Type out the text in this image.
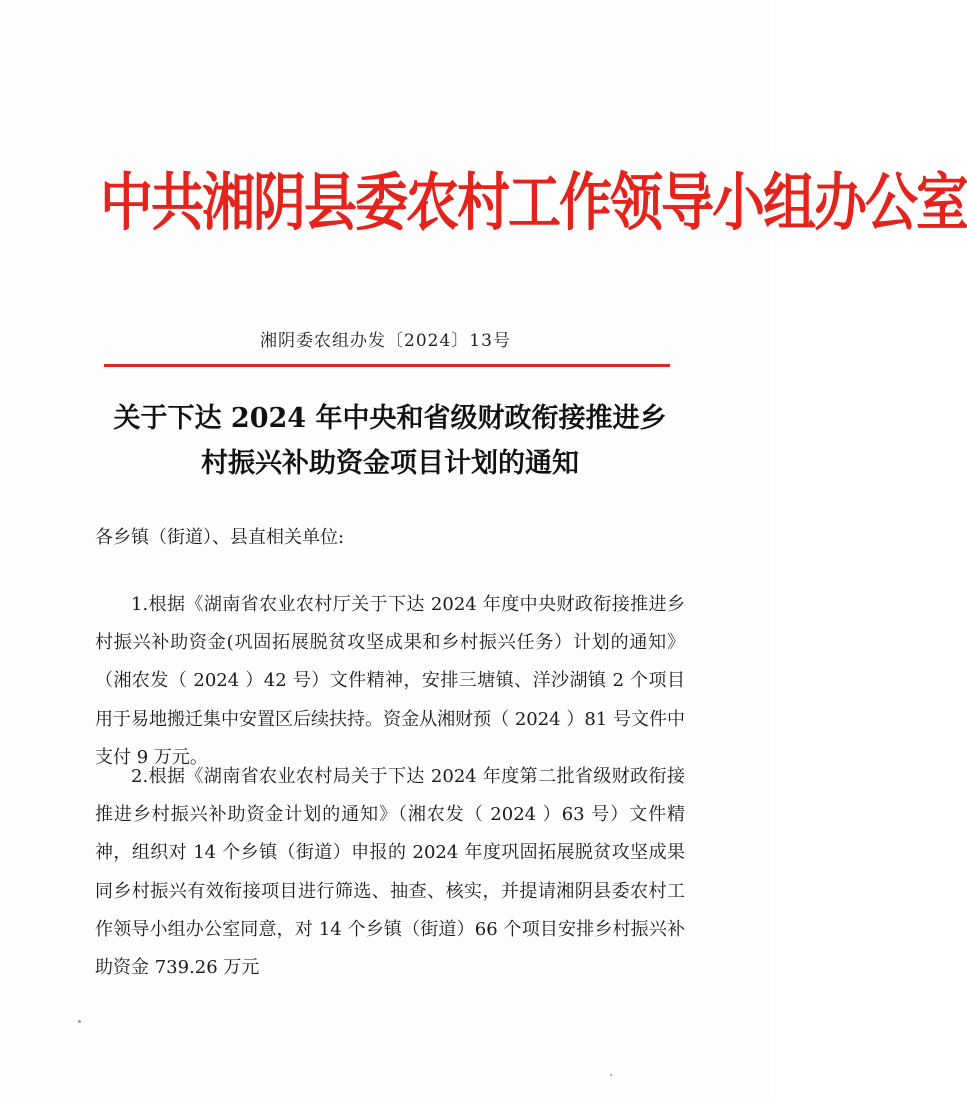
中共湘阴县委农村工作领导小组办公室
湘阴委农组办发〔2024〕13号
关于下达 2024 年中央和省级财政衔接推进乡
村振兴补助资金项目计划的通知
各乡镇（街道）、县直相关单位:

1.根据《湖南省农业农村厅关于下达 2024 年度中央财政衔接推进乡村振兴补助资金(巩固拓展脱贫攻坚成果和乡村振兴任务）计划的通知》（湘农发（ 2024 ）42 号）文件精神，安排三塘镇、洋沙湖镇 2 个项目用于易地搬迁集中安置区后续扶持。资金从湘财预（ 2024 ）81 号文件中支付 9 万元。

2.根据《湖南省农业农村局关于下达 2024 年度第二批省级财政衔接推进乡村振兴补助资金计划的通知》（湘农发（ 2024 ）63 号）文件精神，组织对 14 个乡镇（街道）申报的 2024 年度巩固拓展脱贫攻坚成果同乡村振兴有效衔接项目进行筛选、抽查、核实，并提请湘阴县委农村工作领导小组办公室同意，对 14 个乡镇（街道）66 个项目安排乡村振兴补助资金 739.26 万元
